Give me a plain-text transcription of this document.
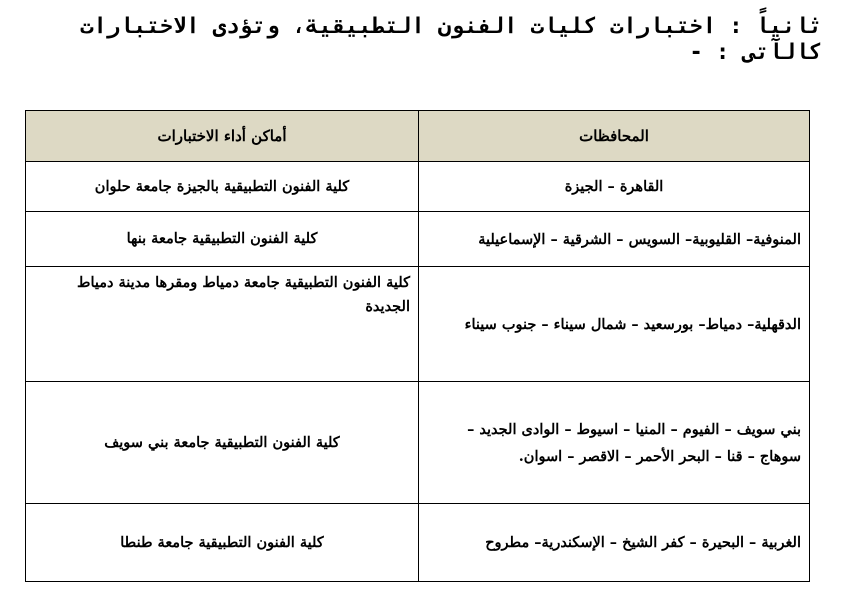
ثانياً : اختبارات كليات الفنون التطبيقية، وتؤدى الاختبارات
كالآتى : -
المحافظات	أماكن أداء الاختبارات
القاهرة – الجيزة	كلية الفنون التطبيقية بالجيزة جامعة حلوان
المنوفية– القليوبية– السويس – الشرقية – الإسماعيلية	كلية الفنون التطبيقية جامعة بنها
الدقهلية– دمياط– بورسعيد – شمال سيناء – جنوب سيناء	كلية الفنون التطبيقية جامعة دمياط ومقرها مدينة دمياط الجديدة
بني سويف – الفيوم – المنيا – اسيوط – الوادى الجديد – سوهاج – قنا – البحر الأحمر – الاقصر – اسوان.	كلية الفنون التطبيقية جامعة بني سويف
الغربية – البحيرة – كفر الشيخ – الإسكندرية– مطروح	كلية الفنون التطبيقية جامعة طنطا
